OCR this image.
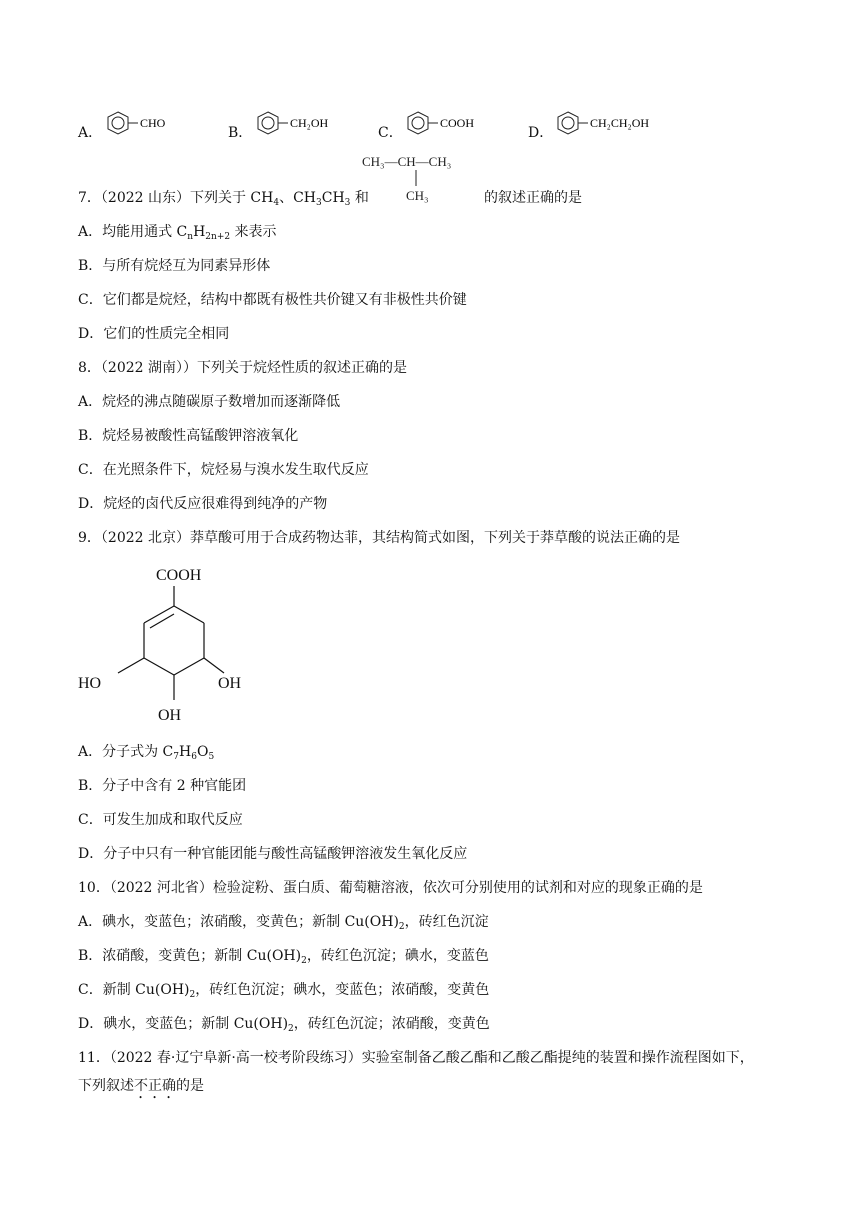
A．
CHO
B．
CH₂OH
C．
COOH
D．
CH₂CH₂OH
CH₃—CH—CH₃
CH₃
7．（2022 山东）下列关于 $CH_4$、$CH_3CH_3$ 和	的叙述正确的是
A．均能用通式 $C_nH_{2n+2}$ 来表示
B．与所有烷烃互为同素异形体
C．它们都是烷烃，结构中都既有极性共价键又有非极性共价键
D．它们的性质完全相同
8．（2022 湖南））下列关于烷烃性质的叙述正确的是
A．烷烃的沸点随碳原子数增加而逐渐降低
B．烷烃易被酸性高锰酸钾溶液氧化
C．在光照条件下，烷烃易与溴水发生取代反应
D．烷烃的卤代反应很难得到纯净的产物
9．（2022 北京）莽草酸可用于合成药物达菲，其结构简式如图，下列关于莽草酸的说法正确的是
COOH
HO	OH
OH
A．分子式为 $C_7H_6O_5$
B．分子中含有 2 种官能团
C．可发生加成和取代反应
D．分子中只有一种官能团能与酸性高锰酸钾溶液发生氧化反应
10．（2022 河北省）检验淀粉、蛋白质、葡萄糖溶液，依次可分别使用的试剂和对应的现象正确的是
A．碘水，变蓝色；浓硝酸，变黄色；新制 $Cu(OH)_2$，砖红色沉淀
B．浓硝酸，变黄色；新制 $Cu(OH)_2$，砖红色沉淀；碘水，变蓝色
C．新制 $Cu(OH)_2$，砖红色沉淀；碘水，变蓝色；浓硝酸，变黄色
D．碘水，变蓝色；新制 $Cu(OH)_2$，砖红色沉淀；浓硝酸，变黄色
11．（2022 春·辽宁阜新·高一校考阶段练习）实验室制备乙酸乙酯和乙酸乙酯提纯的装置和操作流程图如下，
下列叙述不正确的是
